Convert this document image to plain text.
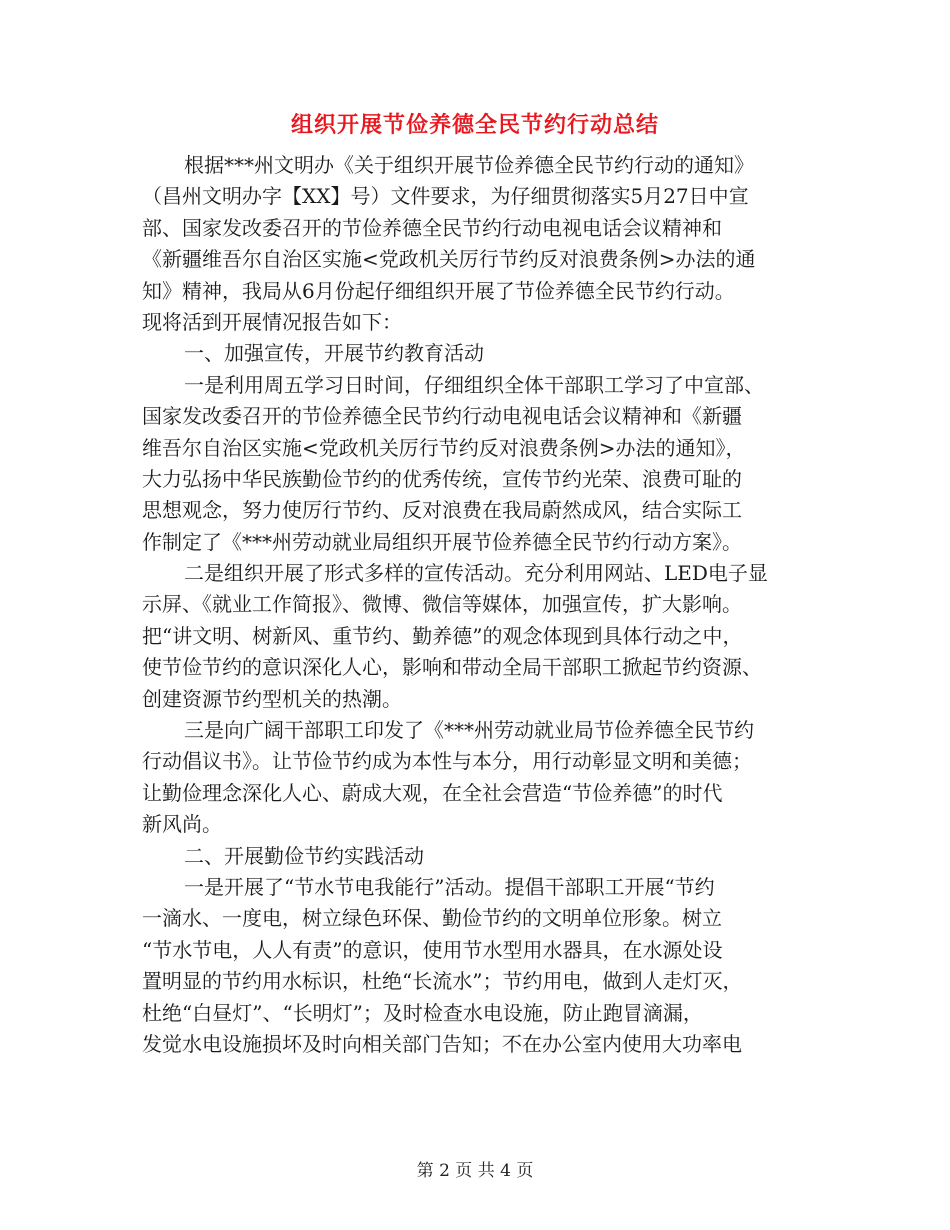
组织开展节俭养德全民节约行动总结
根据***州文明办《关于组织开展节俭养德全民节约行动的通知》
（昌州文明办字【XX】号）文件要求，为仔细贯彻落实5月27日中宣
部、国家发改委召开的节俭养德全民节约行动电视电话会议精神和
《新疆维吾尔自治区实施<党政机关厉行节约反对浪费条例>办法的通
知》精神，我局从6月份起仔细组织开展了节俭养德全民节约行动。
现将活到开展情况报告如下：
一、加强宣传，开展节约教育活动
一是利用周五学习日时间，仔细组织全体干部职工学习了中宣部、
国家发改委召开的节俭养德全民节约行动电视电话会议精神和《新疆
维吾尔自治区实施<党政机关厉行节约反对浪费条例>办法的通知》，
大力弘扬中华民族勤俭节约的优秀传统，宣传节约光荣、浪费可耻的
思想观念，努力使厉行节约、反对浪费在我局蔚然成风，结合实际工
作制定了《***州劳动就业局组织开展节俭养德全民节约行动方案》。
二是组织开展了形式多样的宣传活动。充分利用网站、LED电子显
示屏、《就业工作简报》、微博、微信等媒体，加强宣传，扩大影响。
把“讲文明、树新风、重节约、勤养德”的观念体现到具体行动之中，
使节俭节约的意识深化人心，影响和带动全局干部职工掀起节约资源、
创建资源节约型机关的热潮。
三是向广阔干部职工印发了《***州劳动就业局节俭养德全民节约
行动倡议书》。让节俭节约成为本性与本分，用行动彰显文明和美德；
让勤俭理念深化人心、蔚成大观，在全社会营造“节俭养德”的时代
新风尚。
二、开展勤俭节约实践活动
一是开展了“节水节电我能行”活动。提倡干部职工开展“节约
一滴水、一度电，树立绿色环保、勤俭节约的文明单位形象。树立
“节水节电，人人有责”的意识，使用节水型用水器具，在水源处设
置明显的节约用水标识，杜绝“长流水”；节约用电，做到人走灯灭，
杜绝“白昼灯”、“长明灯”；及时检查水电设施，防止跑冒滴漏，
发觉水电设施损坏及时向相关部门告知；不在办公室内使用大功率电
第 2 页 共 4 页
